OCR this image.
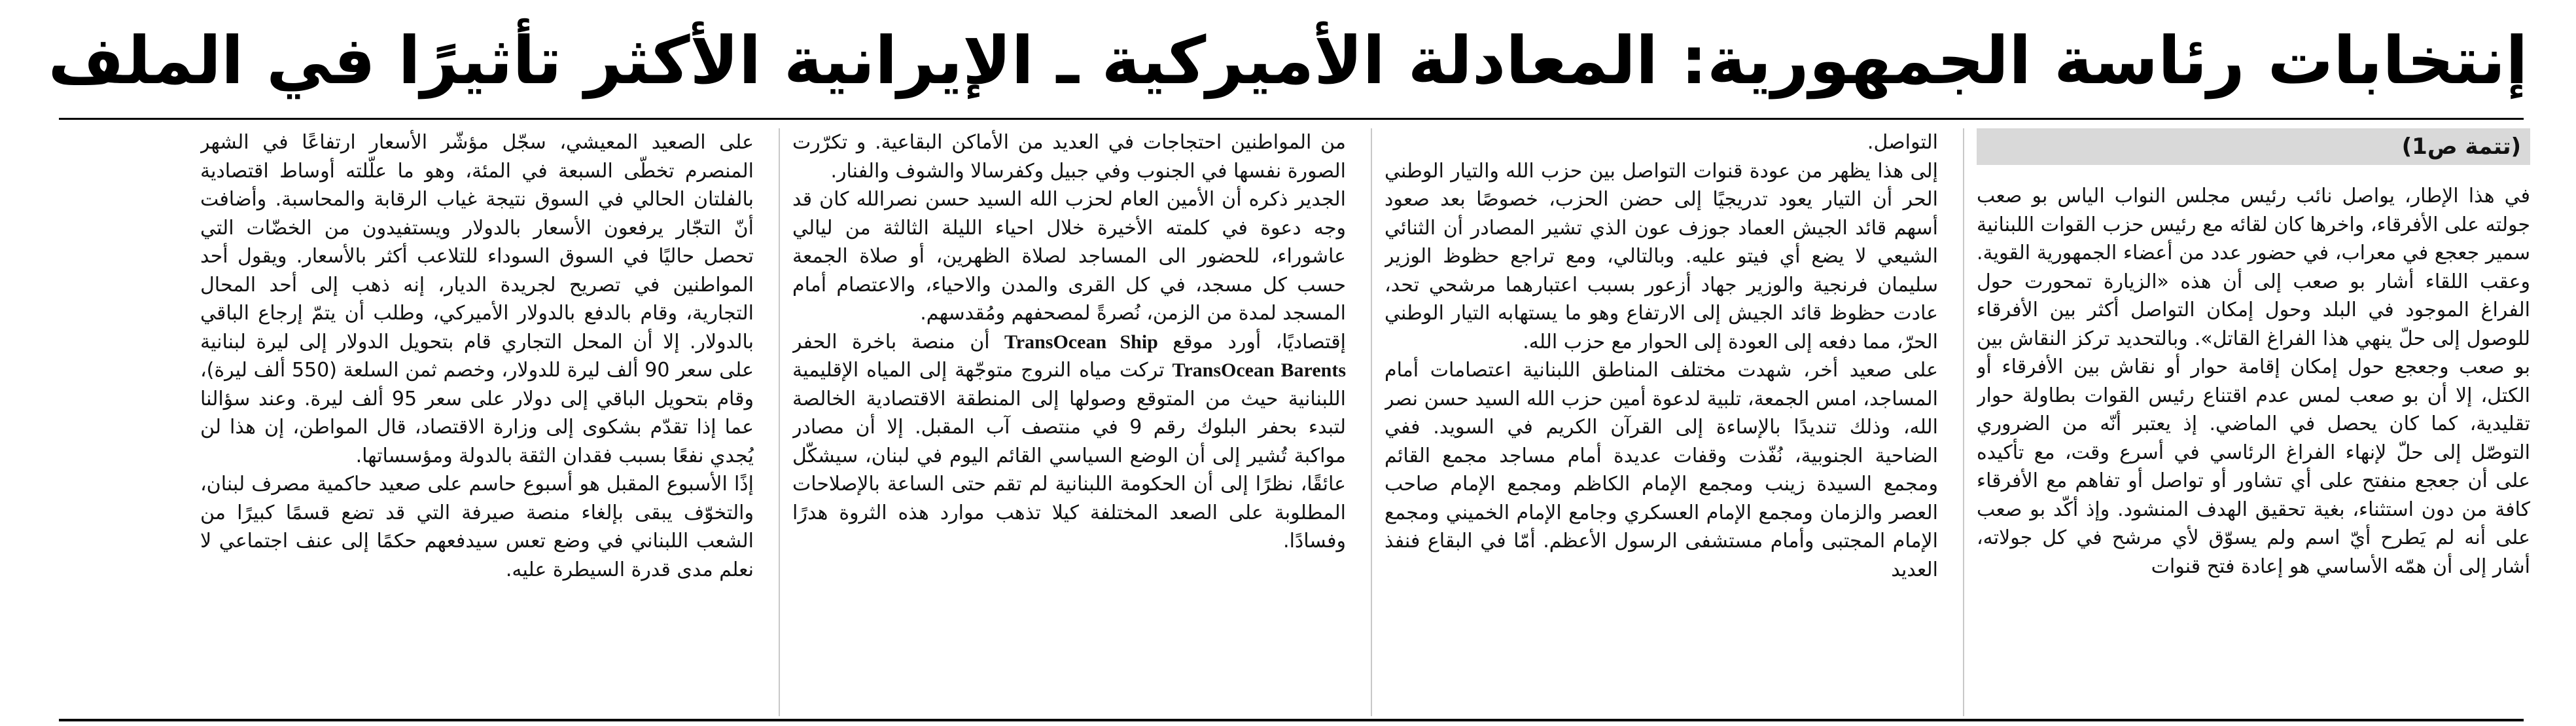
إنتخابات رئاسة الجمهورية: المعادلة الأميركية ـ الإيرانية الأكثر تأثيرًا في الملف
(تتمة ص1)

في هذا الإطار، يواصل نائب رئيس مجلس النواب الياس بو صعب جولته على الأفرقاء، واخرها كان لقائه مع رئيس حزب القوات اللبنانية سمير جعجع في معراب، في حضور عدد من أعضاء الجمهورية القوية. وعقب اللقاء أشار بو صعب إلى أن هذه «الزيارة تمحورت حول الفراغ الموجود في البلد وحول إمكان التواصل أكثر بين الأفرقاء للوصول إلى حلّ ينهي هذا الفراغ القاتل». وبالتحديد تركز النقاش بين بو صعب وجعجع حول إمكان إقامة حوار أو نقاش بين الأفرقاء أو الكتل، إلا أن بو صعب لمس عدم اقتناع رئيس القوات بطاولة حوار تقليدية، كما كان يحصل في الماضي. إذ يعتبر أنّه من الضروري التوصّل إلى حلّ لإنهاء الفراغ الرئاسي في أسرع وقت، مع تأكيده على أن جعجع منفتح على أي تشاور أو تواصل أو تفاهم مع الأفرقاء كافة من دون استثناء، بغية تحقيق الهدف المنشود. وإذ أكّد بو صعب على أنه لم يَطرح أيّ اسم ولم يسوّق لأي مرشح في كل جولاته، أشار إلى أن همّه الأساسي هو إعادة فتح قنوات

التواصل.

إلى هذا يظهر من عودة قنوات التواصل بين حزب الله والتيار الوطني الحر أن التيار يعود تدريجيًا إلى حضن الحزب، خصوصًا بعد صعود أسهم قائد الجيش العماد جوزف عون الذي تشير المصادر أن الثنائي الشيعي لا يضع أي فيتو عليه. وبالتالي، ومع تراجع حظوظ الوزير سليمان فرنجية والوزير جهاد أزعور بسبب اعتبارهما مرشحي تحد، عادت حظوظ قائد الجيش إلى الارتفاع وهو ما يستهابه التيار الوطني الحرّ، مما دفعه إلى العودة إلى الحوار مع حزب الله.

على صعيد أخر، شهدت مختلف المناطق اللبنانية اعتصامات أمام المساجد، امس الجمعة، تلبية لدعوة أمين حزب الله السيد حسن نصر الله، وذلك تنديدًا بالإساءة إلى القرآن الكريم في السويد. ففي الضاحية الجنوبية، نُفّذت وقفات عديدة أمام مساجد مجمع القائم ومجمع السيدة زينب ومجمع الإمام الكاظم ومجمع الإمام صاحب العصر والزمان ومجمع الإمام العسكري وجامع الإمام الخميني ومجمع الإمام المجتبى وأمام مستشفى الرسول الأعظم. أمّا في البقاع فنفذ العديد

من المواطنين احتجاجات في العديد من الأماكن البقاعية. و تكرّرت الصورة نفسها في الجنوب وفي جبيل وكفرسالا والشوف والفنار.

الجدير ذكره أن الأمين العام لحزب الله السيد حسن نصرالله كان قد وجه دعوة في كلمته الأخيرة خلال احياء الليلة الثالثة من ليالي عاشوراء، للحضور الى المساجد لصلاة الظهرين، أو صلاة الجمعة حسب كل مسجد، في كل القرى والمدن والاحياء، والاعتصام أمام المسجد لمدة من الزمن، نُصرةً لمصحفهم ومُقدسهم.

إقتصاديًا، أورد موقع TransOcean Ship أن منصة باخرة الحفر TransOcean Barents تركت مياه النروج متوجّهة إلى المياه الإقليمية اللبنانية حيث من المتوقع وصولها إلى المنطقة الاقتصادية الخالصة لتبدء بحفر البلوك رقم 9 في منتصف آب المقبل. إلا أن مصادر مواكبة تُشير إلى أن الوضع السياسي القائم اليوم في لبنان، سيشكّل عائقًا، نظرًا إلى أن الحكومة اللبنانية لم تقم حتى الساعة بالإصلاحات المطلوبة على الصعد المختلفة كيلا تذهب موارد هذه الثروة هدرًا وفسادًا.

على الصعيد المعيشي، سجّل مؤشّر الأسعار ارتفاعًا في الشهر المنصرم تخطّى السبعة في المئة، وهو ما علّلته أوساط اقتصادية بالفلتان الحالي في السوق نتيجة غياب الرقابة والمحاسبة. وأضافت أنّ التجّار يرفعون الأسعار بالدولار ويستفيدون من الخضّات التي تحصل حاليًا في السوق السوداء للتلاعب أكثر بالأسعار. ويقول أحد المواطنين في تصريح لجريدة الديار، إنه ذهب إلى أحد المحال التجارية، وقام بالدفع بالدولار الأميركي، وطلب أن يتمّ إرجاع الباقي بالدولار. إلا أن المحل التجاري قام بتحويل الدولار إلى ليرة لبنانية على سعر 90 ألف ليرة للدولار، وخصم ثمن السلعة (550 ألف ليرة)، وقام بتحويل الباقي إلى دولار على سعر 95 ألف ليرة. وعند سؤالنا عما إذا تقدّم بشكوى إلى وزارة الاقتصاد، قال المواطن، إن هذا لن يُجدي نفعًا بسبب فقدان الثقة بالدولة ومؤسساتها.

إذًا الأسبوع المقبل هو أسبوع حاسم على صعيد حاكمية مصرف لبنان، والتخوّف يبقى بإلغاء منصة صيرفة التي قد تضع قسمًا كبيرًا من الشعب اللبناني في وضع تعس سيدفعهم حكمًا إلى عنف اجتماعي لا نعلم مدى قدرة السيطرة عليه.
